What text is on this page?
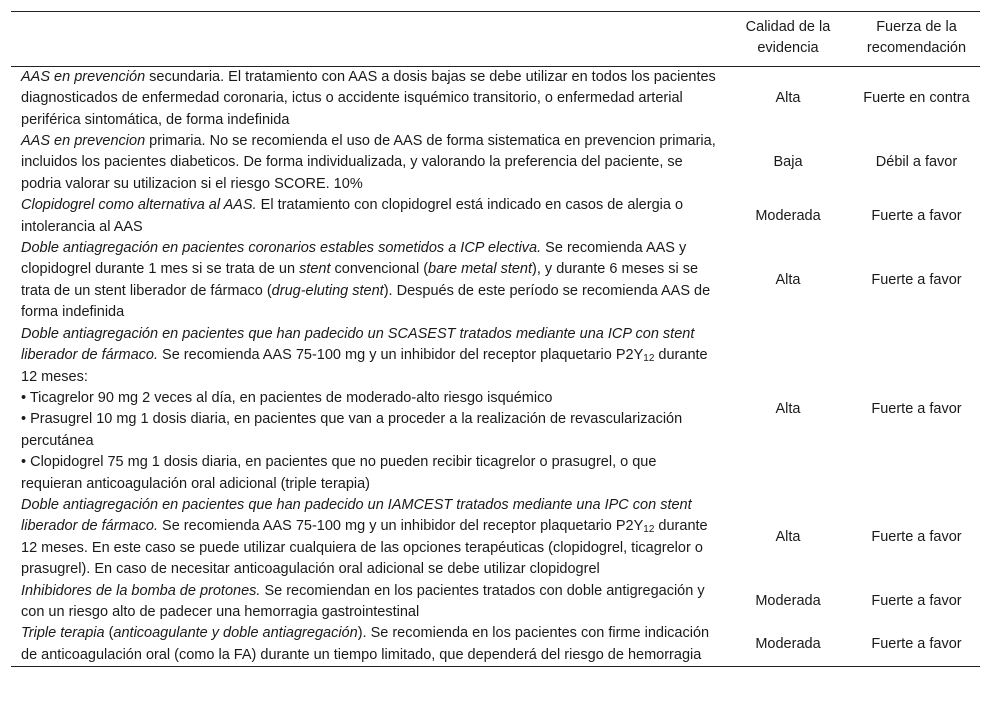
	Calidad de la evidencia	Fuerza de la recomendación
AAS en prevención secundaria. El tratamiento con AAS a dosis bajas se debe utilizar en todos los pacientes diagnosticados de enfermedad coronaria, ictus o accidente isquémico transitorio, o enfermedad arterial periférica sintomática, de forma indefinida	Alta	Fuerte en contra
AAS en prevencion primaria. No se recomienda el uso de AAS de forma sistematica en prevencion primaria, incluidos los pacientes diabeticos. De forma individualizada, y valorando la preferencia del paciente, se podria valorar su utilizacion si el riesgo SCORE. 10%	Baja	Débil a favor
Clopidogrel como alternativa al AAS. El tratamiento con clopidogrel está indicado en casos de alergia o intolerancia al AAS	Moderada	Fuerte a favor
Doble antiagregación en pacientes coronarios estables sometidos a ICP electiva. Se recomienda AAS y clopidogrel durante 1 mes si se trata de un stent convencional (bare metal stent), y durante 6 meses si se trata de un stent liberador de fármaco (drug-eluting stent). Después de este período se recomienda AAS de forma indefinida	Alta	Fuerte a favor
Doble antiagregación en pacientes que han padecido un SCASEST tratados mediante una ICP con stent liberador de fármaco. Se recomienda AAS 75-100 mg y un inhibidor del receptor plaquetario $P2Y_{12}$ durante 12 meses:
• Ticagrelor 90 mg 2 veces al día, en pacientes de moderado-alto riesgo isquémico
• Prasugrel 10 mg 1 dosis diaria, en pacientes que van a proceder a la realización de revascularización percutánea
• Clopidogrel 75 mg 1 dosis diaria, en pacientes que no pueden recibir ticagrelor o prasugrel, o que requieran anticoagulación oral adicional (triple terapia)	Alta	Fuerte a favor
Doble antiagregación en pacientes que han padecido un IAMCEST tratados mediante una IPC con stent liberador de fármaco. Se recomienda AAS 75-100 mg y un inhibidor del receptor plaquetario $P2Y_{12}$ durante 12 meses. En este caso se puede utilizar cualquiera de las opciones terapéuticas (clopidogrel, ticagrelor o prasugrel). En caso de necesitar anticoagulación oral adicional se debe utilizar clopidogrel	Alta	Fuerte a favor
Inhibidores de la bomba de protones. Se recomiendan en los pacientes tratados con doble antigregación y con un riesgo alto de padecer una hemorragia gastrointestinal	Moderada	Fuerte a favor
Triple terapia (anticoagulante y doble antiagregación). Se recomienda en los pacientes con firme indicación de anticoagulación oral (como la FA) durante un tiempo limitado, que dependerá del riesgo de hemorragia	Moderada	Fuerte a favor
